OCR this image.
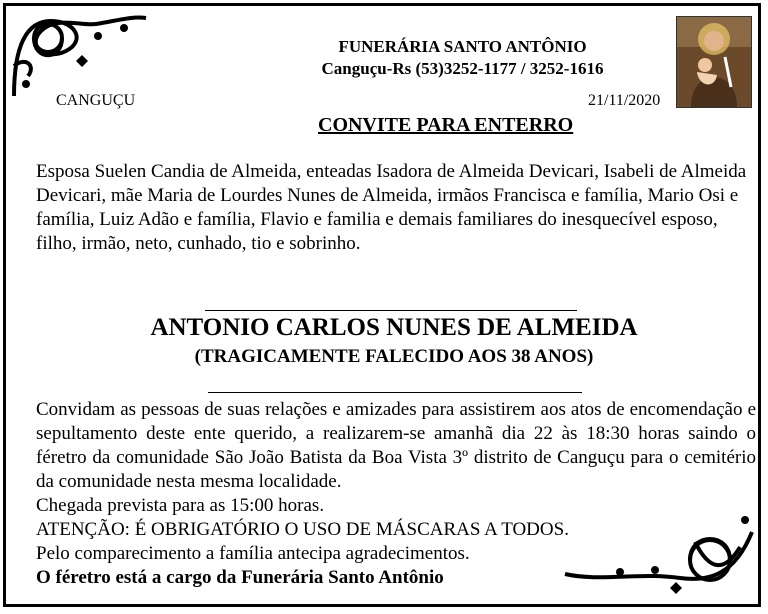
FUNERÁRIA SANTO ANTÔNIO
Canguçu-Rs (53)3252-1177 / 3252-1616
CANGUÇU	21/11/2020
CONVITE PARA ENTERRO
Esposa Suelen Candia de Almeida, enteadas Isadora de Almeida Devicari, Isabeli de Almeida Devicari, mãe Maria de Lourdes Nunes de Almeida, irmãos Francisca e família, Mario Osi e família, Luiz Adão e família, Flavio e familia e demais familiares do inesquecível esposo, filho, irmão, neto, cunhado, tio e sobrinho.
ANTONIO CARLOS NUNES DE ALMEIDA
(TRAGICAMENTE FALECIDO AOS 38 ANOS)

Convidam as pessoas de suas relações e amizades para assistirem aos atos de encomendação e sepultamento deste ente querido, a realizarem-se amanhã dia 22 às 18:30 horas saindo o féretro da comunidade São João Batista da Boa Vista 3º distrito de Canguçu para o cemitério da comunidade nesta mesma localidade.

Chegada prevista para as 15:00 horas.

ATENÇÃO: É OBRIGATÓRIO O USO DE MÁSCARAS A TODOS.

Pelo comparecimento a família antecipa agradecimentos.

O féretro está a cargo da Funerária Santo Antônio
